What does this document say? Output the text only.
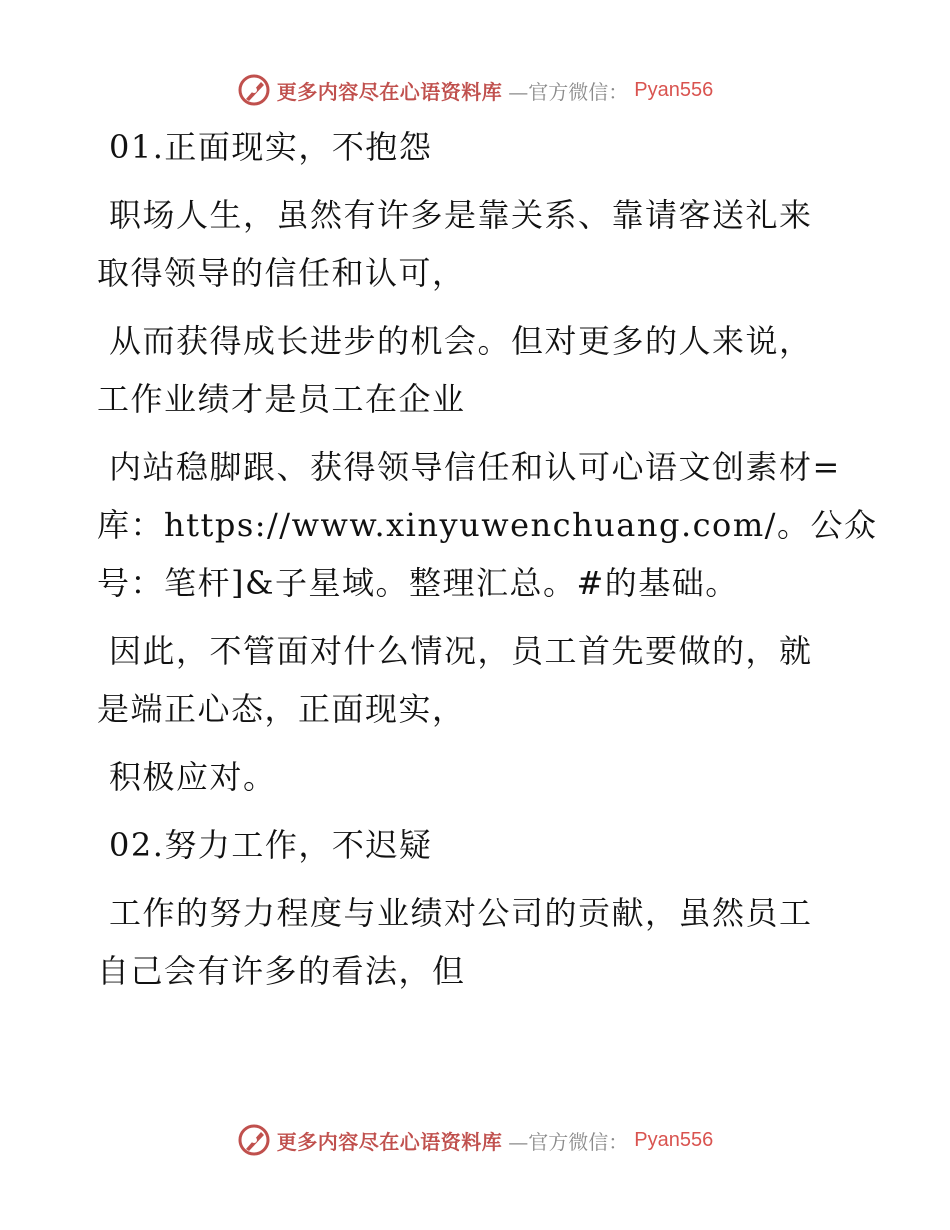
更多内容尽在心语资料库 —官方微信： Pyan556
01.正面现实，不抱怨
职场人生，虽然有许多是靠关系、靠请客送礼来
取得领导的信任和认可，
从而获得成长进步的机会。但对更多的人来说，
工作业绩才是员工在企业
内站稳脚跟、获得领导信任和认可心语文创素材=
库：https://www.xinyuwenchuang.com/。公众
号：笔杆]&子星域。整理汇总。#的基础。
因此，不管面对什么情况，员工首先要做的，就
是端正心态，正面现实，
积极应对。
02.努力工作，不迟疑
工作的努力程度与业绩对公司的贡献，虽然员工
自己会有许多的看法，但
更多内容尽在心语资料库 —官方微信： Pyan556
